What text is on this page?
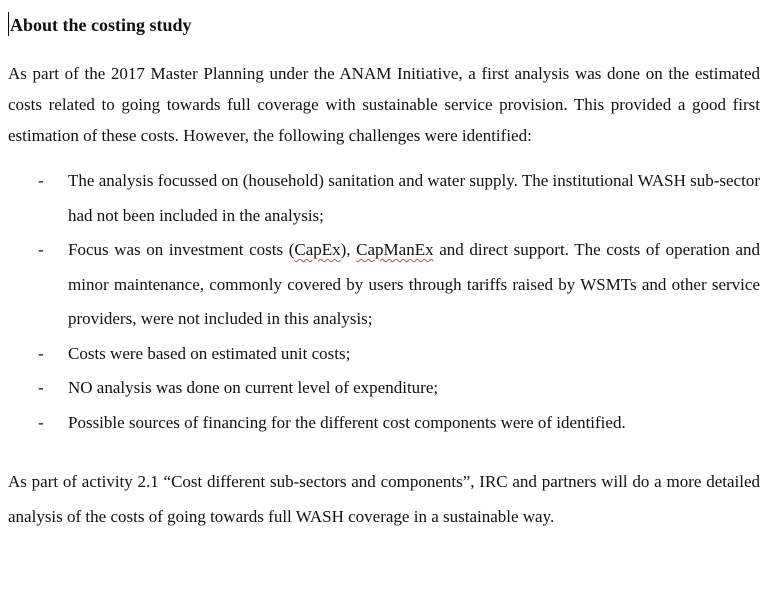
About the costing study

As part of the 2017 Master Planning under the ANAM Initiative, a first analysis was done on the estimated costs related to going towards full coverage with sustainable service provision. This provided a good first estimation of these costs. However, the following challenges were identified:

- The analysis focussed on (household) sanitation and water supply. The institutional WASH sub-sector had not been included in the analysis;
- Focus was on investment costs (CapEx), CapManEx and direct support. The costs of operation and minor maintenance, commonly covered by users through tariffs raised by WSMTs and other service providers, were not included in this analysis;
- Costs were based on estimated unit costs;
- NO analysis was done on current level of expenditure;
- Possible sources of financing for the different cost components were of identified.

As part of activity 2.1 “Cost different sub-sectors and components”, IRC and partners will do a more detailed analysis of the costs of going towards full WASH coverage in a sustainable way.
